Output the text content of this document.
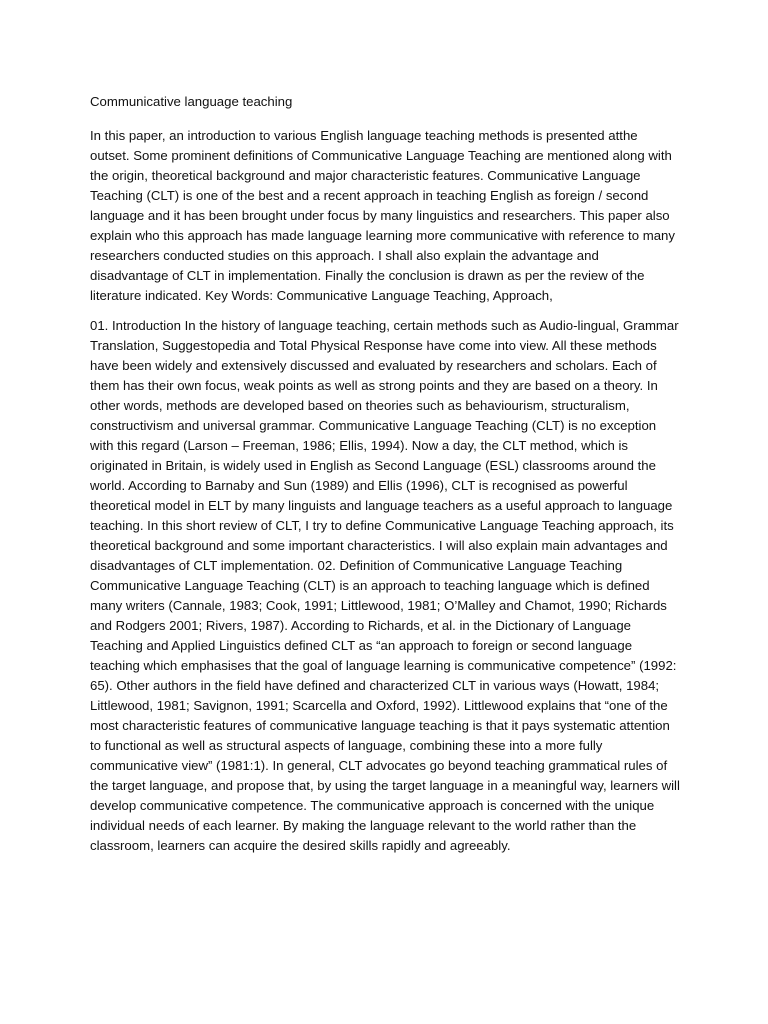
Communicative language teaching

In this paper, an introduction to various English language teaching methods is presented atthe outset. Some prominent definitions of Communicative Language Teaching are mentioned along with the origin, theoretical background and major characteristic features. Communicative Language Teaching (CLT) is one of the best and a recent approach in teaching English as foreign / second language and it has been brought under focus by many linguistics and researchers. This paper also explain who this approach has made language learning more communicative with reference to many researchers conducted studies on this approach. I shall also explain the advantage and disadvantage of CLT in implementation. Finally the conclusion is drawn as per the review of the literature indicated. Key Words: Communicative Language Teaching, Approach,

01. Introduction In the history of language teaching, certain methods such as Audio-lingual, Grammar Translation, Suggestopedia and Total Physical Response have come into view. All these methods have been widely and extensively discussed and evaluated by researchers and scholars. Each of them has their own focus, weak points as well as strong points and they are based on a theory. In other words, methods are developed based on theories such as behaviourism, structuralism, constructivism and universal grammar. Communicative Language Teaching (CLT) is no exception with this regard (Larson – Freeman, 1986; Ellis, 1994). Now a day, the CLT method, which is originated in Britain, is widely used in English as Second Language (ESL) classrooms around the world. According to Barnaby and Sun (1989) and Ellis (1996), CLT is recognised as powerful theoretical model in ELT by many linguists and language teachers as a useful approach to language teaching. In this short review of CLT, I try to define Communicative Language Teaching approach, its theoretical background and some important characteristics. I will also explain main advantages and disadvantages of CLT implementation. 02. Definition of Communicative Language Teaching Communicative Language Teaching (CLT) is an approach to teaching language which is defined many writers (Cannale, 1983; Cook, 1991; Littlewood, 1981; O’Malley and Chamot, 1990; Richards and Rodgers 2001; Rivers, 1987). According to Richards, et al. in the Dictionary of Language Teaching and Applied Linguistics defined CLT as “an approach to foreign or second language teaching which emphasises that the goal of language learning is communicative competence” (1992: 65). Other authors in the field have defined and characterized CLT in various ways (Howatt, 1984; Littlewood, 1981; Savignon, 1991; Scarcella and Oxford, 1992). Littlewood explains that “one of the most characteristic features of communicative language teaching is that it pays systematic attention to functional as well as structural aspects of language, combining these into a more fully communicative view” (1981:1). In general, CLT advocates go beyond teaching grammatical rules of the target language, and propose that, by using the target language in a meaningful way, learners will develop communicative competence. The communicative approach is concerned with the unique individual needs of each learner. By making the language relevant to the world rather than the classroom, learners can acquire the desired skills rapidly and agreeably.
